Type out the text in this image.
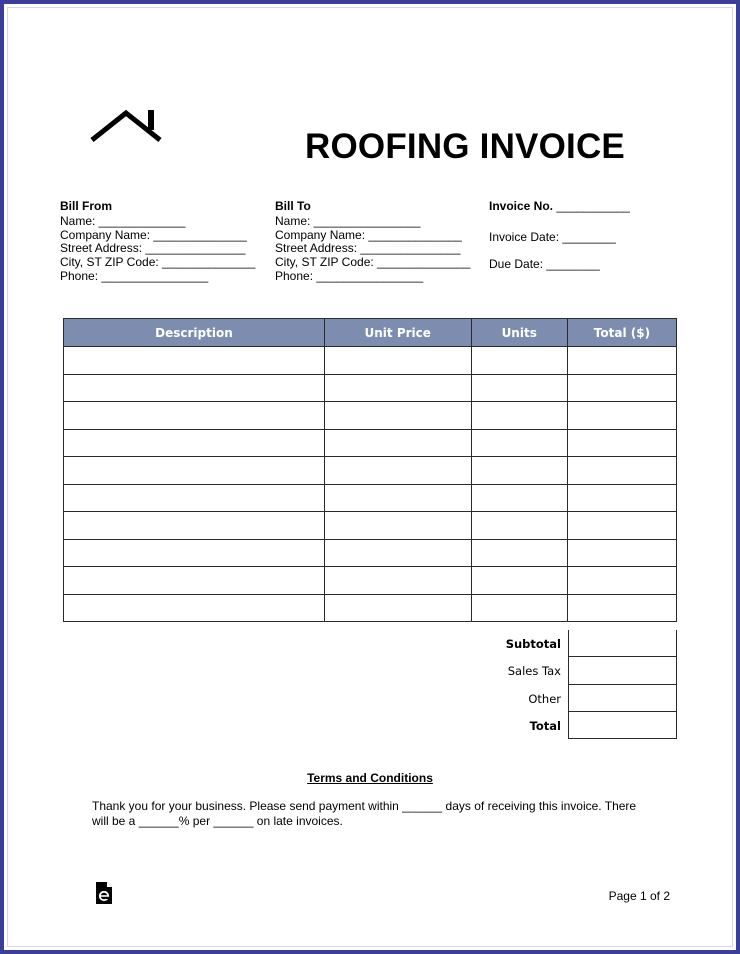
ROOFING INVOICE
Bill From
Name: _____________
Company Name: ______________
Street Address: _______________
City, ST ZIP Code: ______________
Phone: ________________
Bill To
Name: ________________
Company Name: ______________
Street Address: _______________
City, ST ZIP Code: ______________
Phone: ________________
Invoice No. ___________
Invoice Date: ________
Due Date: ________
Description	Unit Price	Units	Total ($)

Subtotal
Sales Tax
Other
Total
Terms and Conditions
Thank you for your business. Please send payment within ______ days of receiving this invoice. There will be a ______% per ______ on late invoices.
Page 1 of 2
